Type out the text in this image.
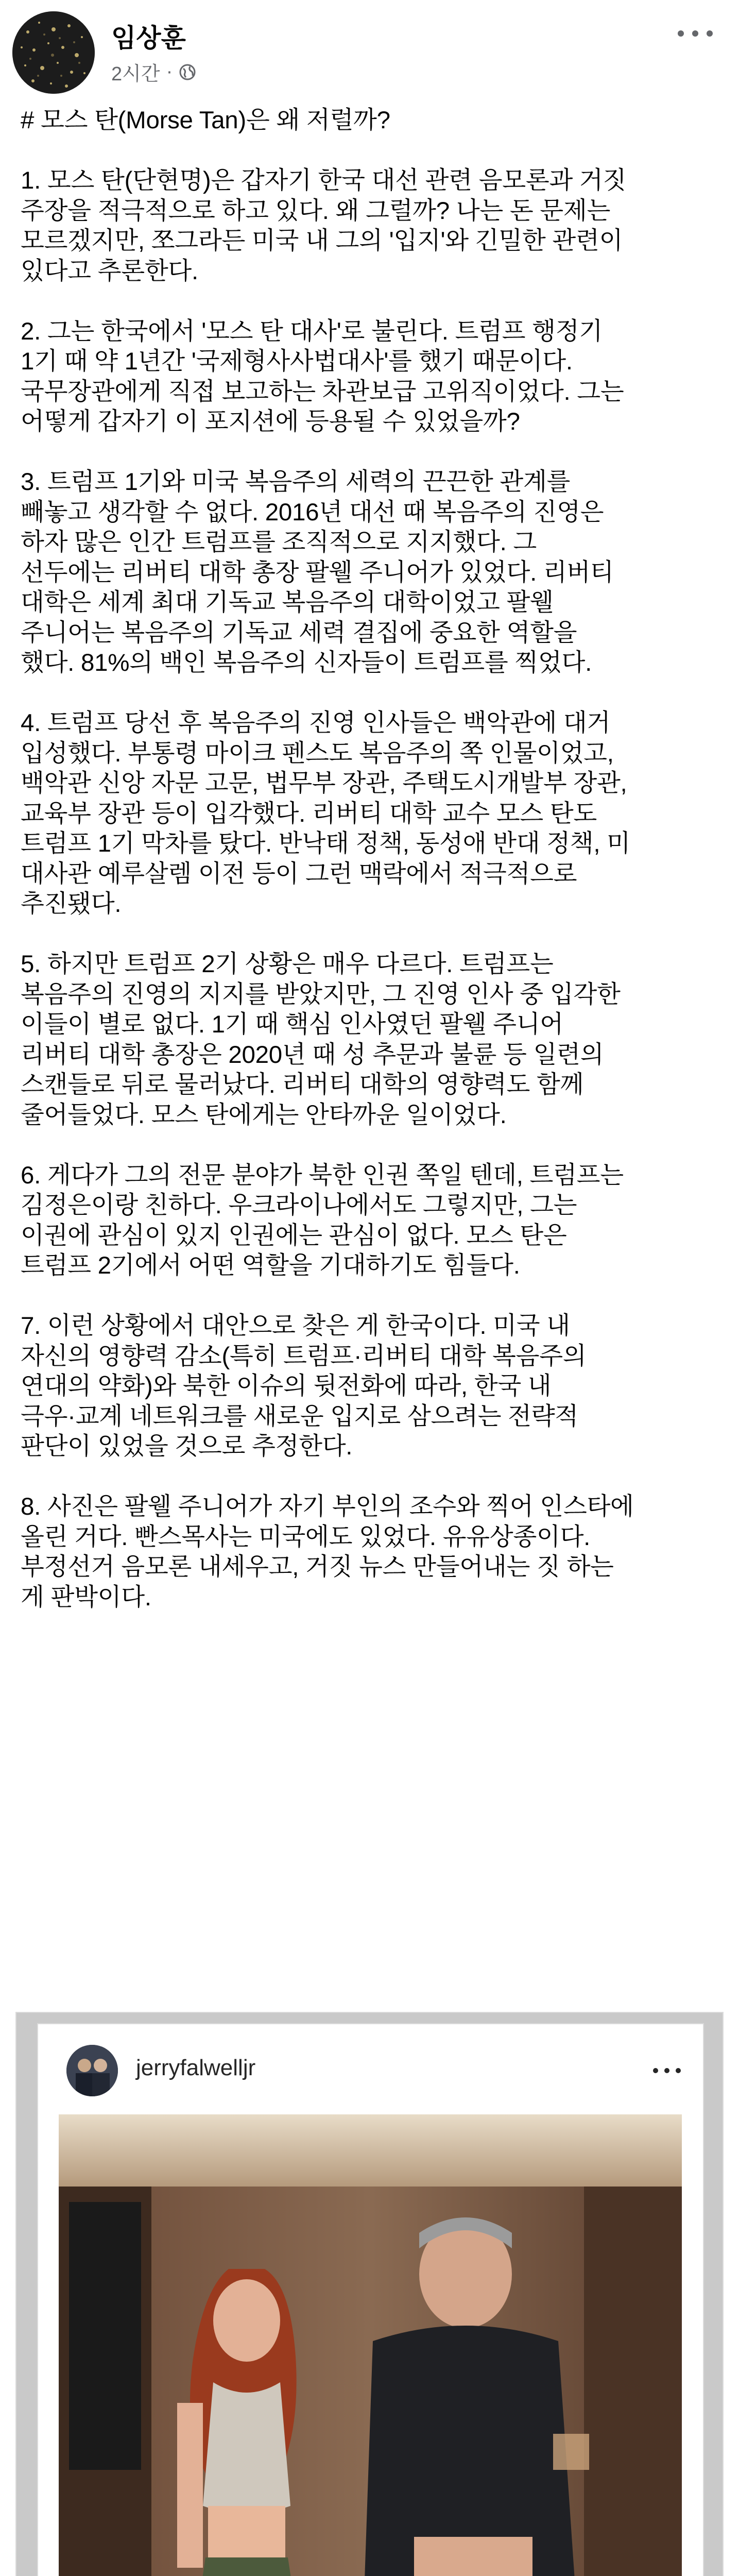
임상훈
2시간 ·
# 모스 탄(Morse Tan)은 왜 저럴까?
1. 모스 탄(단현명)은 갑자기 한국 대선 관련 음모론과 거짓
주장을 적극적으로 하고 있다. 왜 그럴까? 나는 돈 문제는
모르겠지만, 쪼그라든 미국 내 그의 '입지'와 긴밀한 관련이
있다고 추론한다.
2. 그는 한국에서 '모스 탄 대사'로 불린다. 트럼프 행정기
1기 때 약 1년간 '국제형사사법대사'를 했기 때문이다.
국무장관에게 직접 보고하는 차관보급 고위직이었다. 그는
어떻게 갑자기 이 포지션에 등용될 수 있었을까?
3. 트럼프 1기와 미국 복음주의 세력의 끈끈한 관계를
빼놓고 생각할 수 없다. 2016년 대선 때 복음주의 진영은
하자 많은 인간 트럼프를 조직적으로 지지했다. 그
선두에는 리버티 대학 총장 팔웰 주니어가 있었다. 리버티
대학은 세계 최대 기독교 복음주의 대학이었고 팔웰
주니어는 복음주의 기독교 세력 결집에 중요한 역할을
했다. 81%의 백인 복음주의 신자들이 트럼프를 찍었다.
4. 트럼프 당선 후 복음주의 진영 인사들은 백악관에 대거
입성했다. 부통령 마이크 펜스도 복음주의 쪽 인물이었고,
백악관 신앙 자문 고문, 법무부 장관, 주택도시개발부 장관,
교육부 장관 등이 입각했다. 리버티 대학 교수 모스 탄도
트럼프 1기 막차를 탔다. 반낙태 정책, 동성애 반대 정책, 미
대사관 예루살렘 이전 등이 그런 맥락에서 적극적으로
추진됐다.
5. 하지만 트럼프 2기 상황은 매우 다르다. 트럼프는
복음주의 진영의 지지를 받았지만, 그 진영 인사 중 입각한
이들이 별로 없다. 1기 때 핵심 인사였던 팔웰 주니어
리버티 대학 총장은 2020년 때 성 추문과 불륜 등 일련의
스캔들로 뒤로 물러났다. 리버티 대학의 영향력도 함께
줄어들었다. 모스 탄에게는 안타까운 일이었다.
6. 게다가 그의 전문 분야가 북한 인권 쪽일 텐데, 트럼프는
김정은이랑 친하다. 우크라이나에서도 그렇지만, 그는
이권에 관심이 있지 인권에는 관심이 없다. 모스 탄은
트럼프 2기에서 어떤 역할을 기대하기도 힘들다.
7. 이런 상황에서 대안으로 찾은 게 한국이다. 미국 내
자신의 영향력 감소(특히 트럼프·리버티 대학 복음주의
연대의 약화)와 북한 이슈의 뒷전화에 따라, 한국 내
극우·교계 네트워크를 새로운 입지로 삼으려는 전략적
판단이 있었을 것으로 추정한다.
8. 사진은 팔웰 주니어가 자기 부인의 조수와 찍어 인스타에
올린 거다. 빤스목사는 미국에도 있었다. 유유상종이다.
부정선거 음모론 내세우고, 거짓 뉴스 만들어내는 짓 하는
게 판박이다.
jerryfalwelljr
